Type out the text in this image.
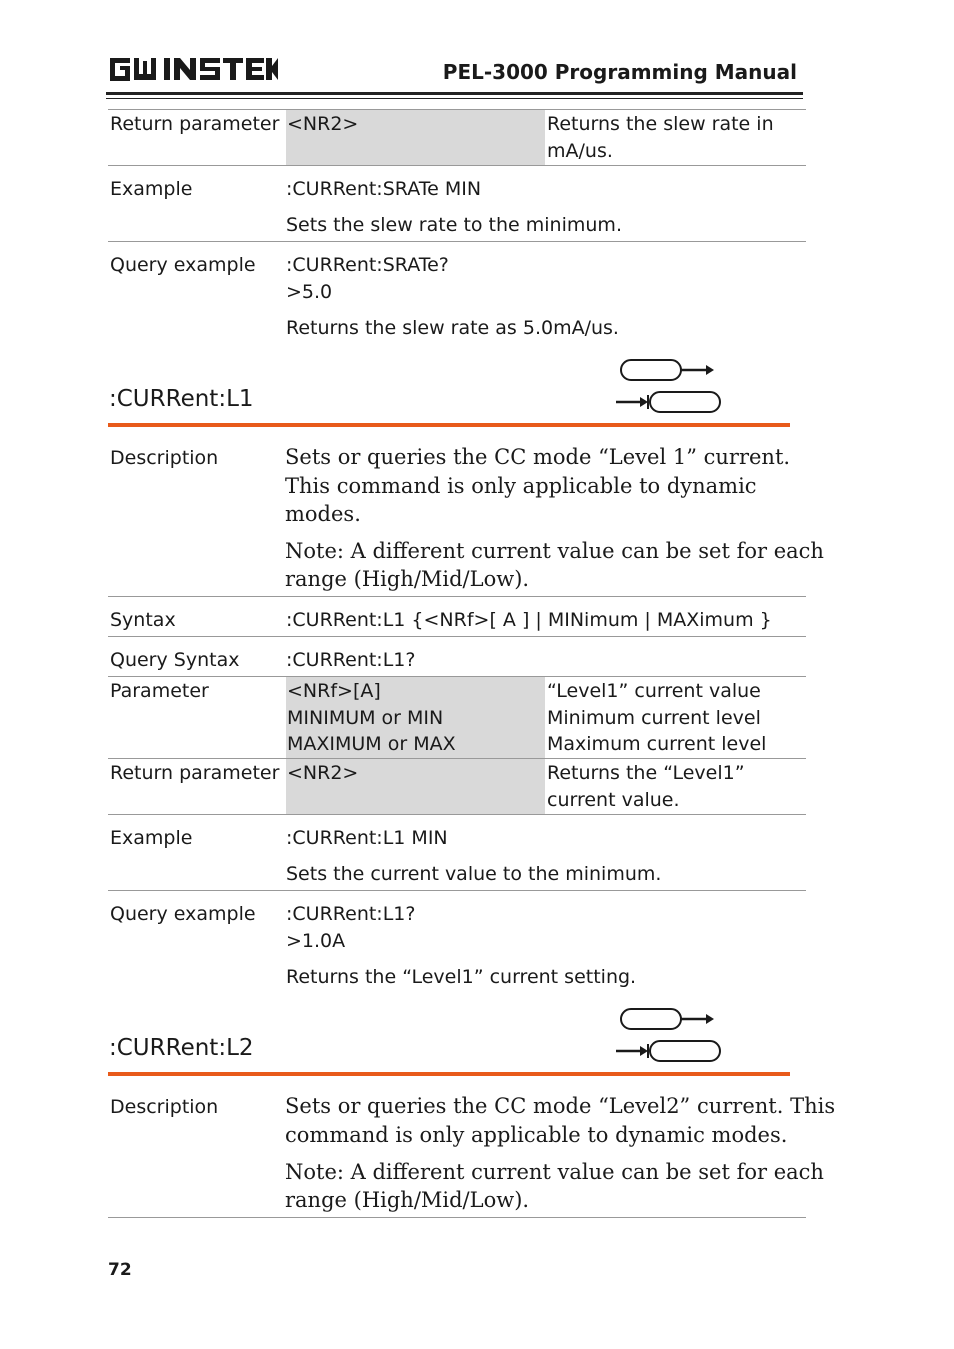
PEL-3000 Programming Manual
Return parameter <NR2>	Returns the slew rate in
mA/us.
Example	:CURRent:SRATe MIN
Sets the slew rate to the minimum.
Query example :CURRent:SRATe?
>5.0
Returns the slew rate as 5.0mA/us.
:CURRent:L1
Description	Sets or queries the CC mode “Level 1” current.
This command is only applicable to dynamic
modes.
Note: A different current value can be set for each
range (High/Mid/Low).
Syntax	:CURRent:L1 {<NRf>[ A ] | MINimum | MAXimum }
Query Syntax :CURRent:L1?
Parameter	<NRf>[A]	“Level1” current value
MINIMUM or MIN	Minimum current level
MAXIMUM or MAX	Maximum current level
Return parameter <NR2>	Returns the “Level1”
current value.
Example	:CURRent:L1 MIN
Sets the current value to the minimum.
Query example :CURRent:L1?
>1.0A
Returns the “Level1” current setting.
:CURRent:L2
Description	Sets or queries the CC mode “Level2” current. This
command is only applicable to dynamic modes.
Note: A different current value can be set for each
range (High/Mid/Low).
72
